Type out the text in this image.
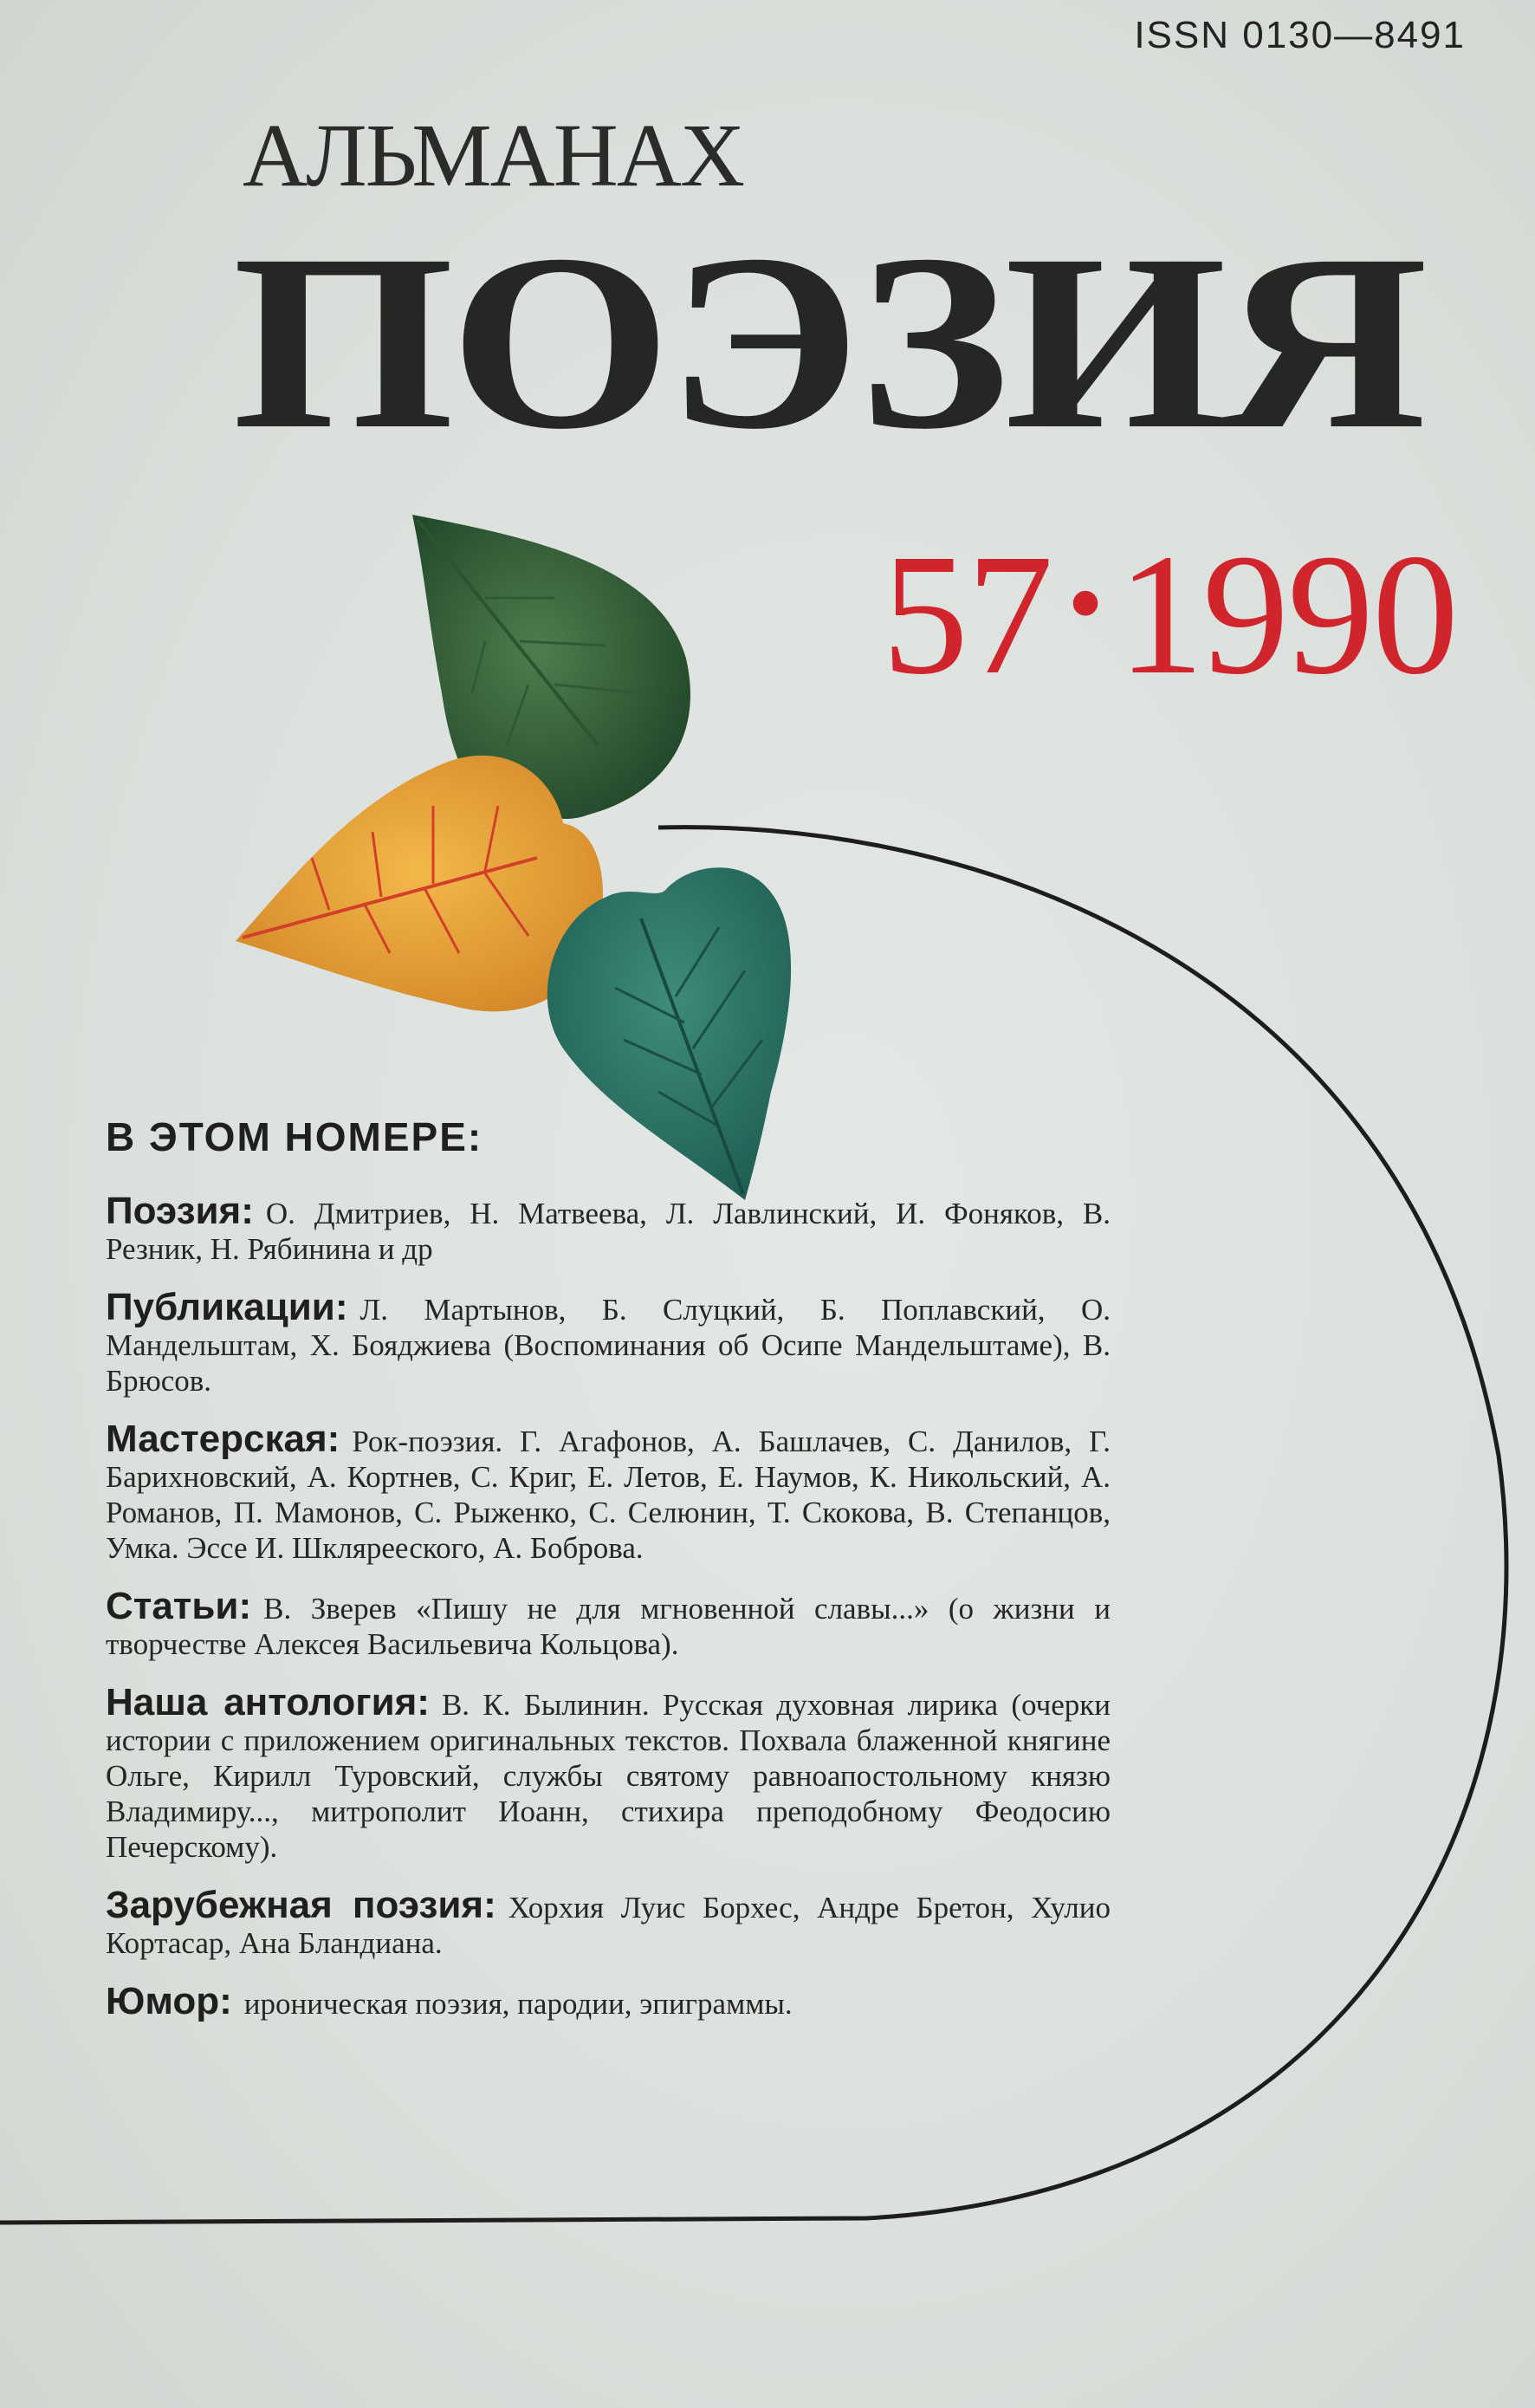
ISSN 0130—8491
АЛЬМАНАХ
ПОЭЗИЯ
57 •1990
В ЭТОМ НОМЕРЕ:
Поэзия: О. Дмитриев, Н. Матвеева, Л. Лавлинский, И. Фоняков, В. Резник, Н. Рябинина и др
Публикации: Л. Мартынов, Б. Слуцкий, Б. Поплавский, О. Мандельштам, Х. Бояджиева (Воспоминания об Осипе Мандельштаме), В. Брюсов.
Мастерская: Рок-поэзия. Г. Агафонов, А. Башлачев, С. Данилов, Г. Барихновский, А. Кортнев, С. Криг, Е. Летов, Е. Наумов, К. Никольский, А. Романов, П. Мамонов, С. Рыженко, С. Селюнин, Т. Скокова, В. Степанцов, Умка. Эссе И. Шклярееского, А. Боброва.
Статьи: В. Зверев «Пишу не для мгновенной славы...» (о жизни и творчестве Алексея Васильевича Кольцова).
Наша антология: В. К. Былинин. Русская духовная лирика (очерки истории с приложением оригинальных текстов. Похвала блаженной княгине Ольге, Кирилл Туровский, службы святому равноапостольному князю Владимиру..., митрополит Иоанн, стихира преподобному Феодосию Печерскому).
Зарубежная поэзия: Хорхия Луис Борхес, Андре Бретон, Хулио Кортасар, Ана Бландиана.
Юмор: ироническая поэзия, пародии, эпиграммы.
